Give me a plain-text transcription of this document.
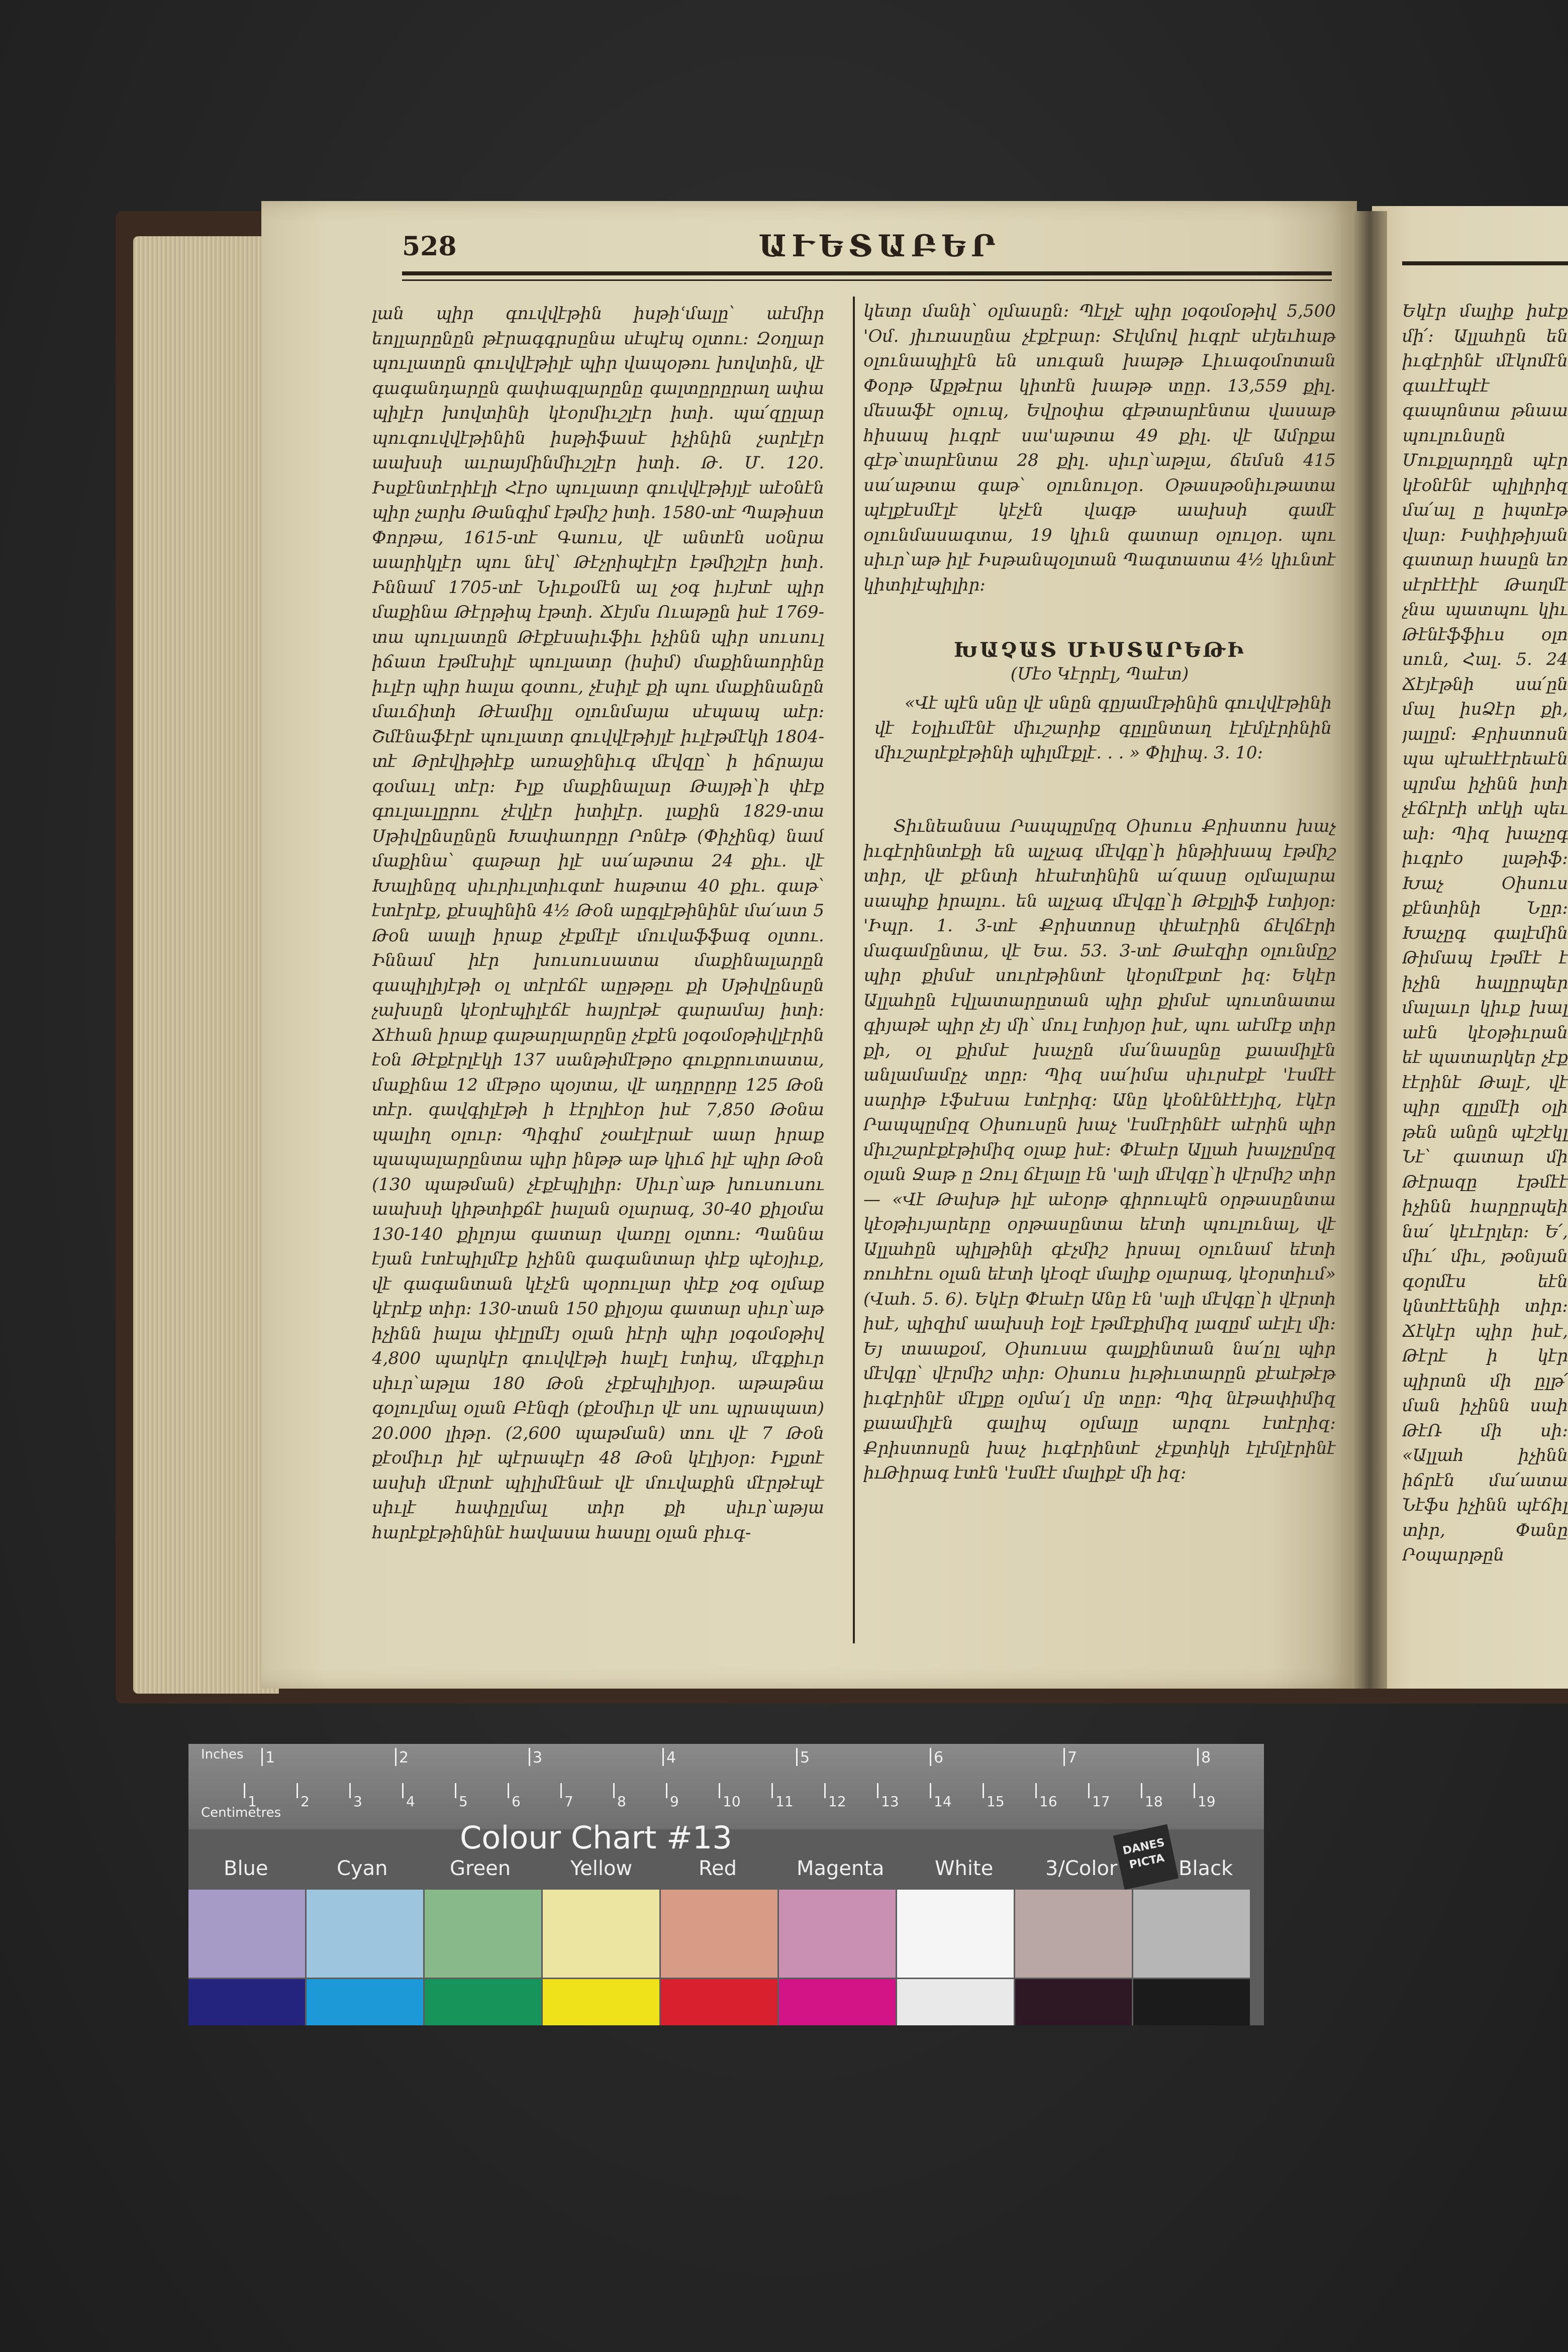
528	ԱՒԵՏԱԲԵՐ
լան պիր գուվվէթին իսթիՙմալը՝ աէմիր եոլլարընըն թէրագգրսընա սէպէպ օլտու։ Զօղլար պուլատըն գուվվէթիլէ պիր վապօթու խովտին, վէ գագանդարըն գափագլարընը գալտըրըրաղ ափա պիլէր խովտինի կէօրմիւշլէր իտի․ պա՛զըլար պուգուվվէթինին իսթիֆասէ իչինին չարէլէր աախսի աւրայմինմիւշլէր իտի․ Թ. Մ. 120․ Իսքէնտէրիէլի Հէրօ պուլատր գուվվէթիյլէ աէօնէն պիր չարխ Թանգիմ էթմիշ իտի․ 1580-տէ Պաթիստ Փորթա, 1615-տէ Գաուս, վէ անտէն սօնրա աարիկլէր պու նէվ՝ Թէչրիպէլէր էթմիշլէր իտի․ Իննամ 1705-տէ Նիւքօմէն ալ չօգ իւյէտէ պիր մաքինա Թէրթիպ էթտի․ Ճէյմս Ուաթըն իսէ 1769-տա պուլատըն Թէքէսաիւֆիւ իչինն պիր սուսուլ իճատ էթմէսիլէ պուլատր (իսիմ) մաքինաորինը իւլէր պիր հալա գօտու, չէսիլէ քի պու մաքինանըն մաւճիտի Թէամիլլ օլունմայա սէպապ աէր։ Շմէնաֆէրէ պուլատր գուվվէթիյլէ իւլէթմէկի 1804-տէ Թրէվիթիէք առաջինիւգ մէվզը՝ ի իճրայա գօմաւլ տէր։ Իլք մաքինալար Թայթի՝ի փէք գուլաւլըրու չէվլէր իտիլէր․ լաքին 1829-տա Սթիվընսընըն Խափաորըր Րոնէթ (Փիչինգ) նամ մաքինա՝ գաթար իլէ սա՛աթտա 24 քիւ․ վէ Խալինըզ սիւրիւլտիւգտէ հաթտա 40 քիւ․ գաթ՝ էտէրէք, քէսպինին 4½ Թօն աըգլէթինինէ մա՛ատ 5 Թօն աալի իրաք չէքմէլէ մուվաֆֆագ օլտու․ Իննամ իէր խուսուսատա մաքինալարըն գապիլիյէթի օլ տէրէճէ աըթթըւ քի Սթիվընսըն չախսըն կէօրէպիլէճէ հայրէթէ գարամայ իտի։ Ճէհան իրաք գաթարլարընը չէքէն լօգօմօթիվլէրին էօն Թէքէրլէկի 137 սանթիմէթրօ գուքրուտատա, մաքինա 12 մէթրօ պօյտա, վէ ադըրըրը 125 Թօն տէր. գավգիլէթի ի էէրլիէօր իսէ 7,850 Թօնա պալիղ օլուր։ Պիգիմ չօաէլէրաէ աար իրաք պապալարընտա պիր ինթթ աթ կիւճ իլէ պիր Թօն (130 պաթման) չէքէպիլիր։ Սիւր՝աթ խուսուսու աախսի կիթտիքճէ իալան օլարագ, 30-40 քիլօմա 130-140 քիլոյա գատար վառըլ օլտու։ Պաննա էյան էտէպիլմէք իչինն գագանտար փէք պէօյիւք, վէ գագանտան կէչէն պօրուլար փէք չօգ օլմաք կէրէք տիր։ 130-տան 150 քիլօյա գատար սիւր՝աթ իչինն իալա փէլըմէյ օլան իէրի պիր լօգօմօթիվ 4,800 պարկէր գուվվէթի հալէլ էտիպ, մէգքիւր սիւր՝աթլա 180 Թօն չէքէպիլիյօր. աթաթնա գօլուլմալ օլան Բէնզի (քէօմիւր վէ սու պրապատ) 20.000 լիթր. (2,600 պաթման) տու վէ 7 Թօն քէօմիւր իլէ պէրապէր 48 Թօն կէլիյօր։ Իլքտէ ասխի մէրտէ պիլիմէնաէ վէ մուվաքին մէրթէպէ սիւլէ հափըլմալ տիր քի սիւր՝աթյա հարէքէթինինէ հավասա հասըլ օլան բիւգ-
կետր մանի՝ օլմասըն։ Պէլչէ պիր լօգօմօթիվ 5,500 'Օմ. յիւռասընա չէքէբար։ Տէվմով իւգրէ սէյեւհաթ օլունապիլէն են սուգան խաթթ Լիւագօմոտան Փօրթ Աքթէրա կիտէն խաթթ տըր․ 13,559 քիլ․ մեսաֆէ օլուպ, Եվրօփա գէթտարէնտա վասաթ հիսապ իւգրէ սա'աթտա 49 քիլ. վէ Ամրքա գէթ՝տարէնտա 28 քիլ. սիւր՝աթլա, ճեմսն 415 սա՛աթտա գաթ՝ օլունուլօր․ Օթասթօնիւթատա պէլքէսմէլէ կէչէն վագթ աախսի գամէ օլունմասագտա, 19 կիւն գատար օլուլօր․ պու սիւր՝աթ իլէ Իսթանպօլտան Պագտատա 4½ կիւնտէ կիտիլէպիլիր։
ԽԱՉԱՏ ՄԻՍՏԱՐԵԹԻ
(Մէօ Կէրրէլ, Պաէտ)
«Վէ պէն սնը վէ սնըն գըյամէթինին գուվվէթինի վէ էօլիւմէնէ միւշարիք գըլընտաղ էլէմլէրինին միւշարէքէթինի պիլմէքլէ․ ․ ․ » Փիլիպ. 3. 10։
Տիւնեանսա Րապպըմըզ Օիսուս Քրիստոս խաչ իւգէրինտէքի են ալչագ մէվգը՝ի ինթիխապ էթմիշ տիր, վէ քէնտի հէաէտինին ա՛զասը օլմալարա սապիք իրալու․ են ալչագ մէվգը՝ի Թէքլիֆ էտիյօր։ 'Իպր. 1. 3-տէ Քրիստոսը փէաէրին ճէվճէրի մագամընտա, վէ Եա. 53. 3-տէ Թաէզիր օլունմըշ պիր քիմսէ սուրէթինտէ կէօրմէքտէ իզ։ Եկէր Ալլահըն էվլատարըտան պիր քիմսէ պուտնատա գիյաթէ պիր չէյ մի՝ մուլ էտիյօր իսէ, պու աէմէք տիր քի, օլ քիմսէ խաչըն մա՛նասընը քաամիլէն անլամամըչ տըր։ Պիզ սա՛իմա սիւրսէքէ 'էսմէէ սարիթ էֆսէսա էտէրիզ։ Անը կէօնէնէէէյիզ, էկէր Րապպըմըզ Օիսուսըն խաչ 'էսմէրինէէ աէրին պիր միւշարէքէթիմիզ օլաք իսէ։ Փէաէր Ալլահ խալչըմըզ օլան Ջաթ ը Զուլ ճէլալը էն 'ալի մէվգը՝ի վէրմիշ տիր — «Վէ Թախթ իլէ աէօրթ գիրուպէն օրթասընտա կէօթիւյարերը օրթասընտա եէտի պուլունալ, վէ Ալլահըն պիլթինի գէչմիշ իրսալ օլունամ եէտի ռուհէու օլան եէտի կէօզէ մալիք օլարագ, կէօրտիւմ» (Վահ. 5. 6). Եկէր Փէաէր Անը էն 'ալի մէվգը՝ի վէրտի իսէ, պիզիմ աախսի էօլէ էթմէքիմիզ լազըմ աէլէլ մի։ Եյ տաաքօմ, Օիսուսա գալքինտան նա՛ըլ պիր մէվգը՝ վէրմիշ տիր։ Օիսուս իւթիւտարըն քէաէթէթ իւգէրինէ մէլքը օլմա՛լ մը տըր։ Պիզ նէթափիմիզ քաամիլէն գալիպ օլմալը արզու էտէրիզ։ Քրիստոսըն խաչ իւգէրինտէ չէքտիկի էլէմլէրինէ իւԹիրագ էտէն 'էսմէէ մալիքէ մի իզ։
Եկէր մալիք իսէք մի՛։ Ալլահըն են իւգէրինէ մէկոմէն գաւէէպէէ գապոնտա թնաա պուլունսըն Մուքլարդըն պէր կէօնէնէ պիլիրիզ մա՛ալ ը իպտէթ վար։ Իսփիթիյան գատար հասըն եռ սէրէէէիէ Թաղմէ չնա պատպու կիւ Թէնէֆֆիւս օլո սուն, Հալ. 5. 24 Ճէյէթնի սա՛ըն մալ իսՁէր քի, յալըմ։ Քրիստոսն պա պէաէէէրեաէն պրմա իչինն իտի չէճէրէի տէկի պեւ աի։ Պիզ խաչըգ իւգրէօ լաթիֆ։ Խաչ Օիսուս քէնտինի Նըր։ Խաչըգ գալէմին Թիմապ էթմէէ է իչին հալըրպեր մալաւր կիւք խալ աէն կէօթիւրան եէ պատարկեր չէք էէրինէ Թալէ, վէ պիր զլըմէի օլի թեն անըն պէշէկլ Նէ՝ գատար մի Թէրազը էթմէէ իչինն հարըրպեի նա՛ կէւէրլեր։ Ե՛, միւ՛ միւ, թօնյան գօրմէս եէն կնտէէենիի տիր։ Ճէկէր պիր իսէ, Թէրէ ի կէր պիրտն մի ըլթ՛ ման իչինն սաի ԹէՌ մի սի։ «Ալլահ իչինն իճրէն մա՛ատա Նէֆս իչինն պէճիլ տիր, Փանը Րօպարթըն
Inches
Centimetres
1	2	3	4	5	6	7	8
1	2	3	4	5	6	7	8	9	10 11 12 13 14 15 16 17 18 19
Colour Chart #13
Blue	Cyan	Green	Yellow	Red	Magenta	White	3/Color	Black
DANES PICTA
